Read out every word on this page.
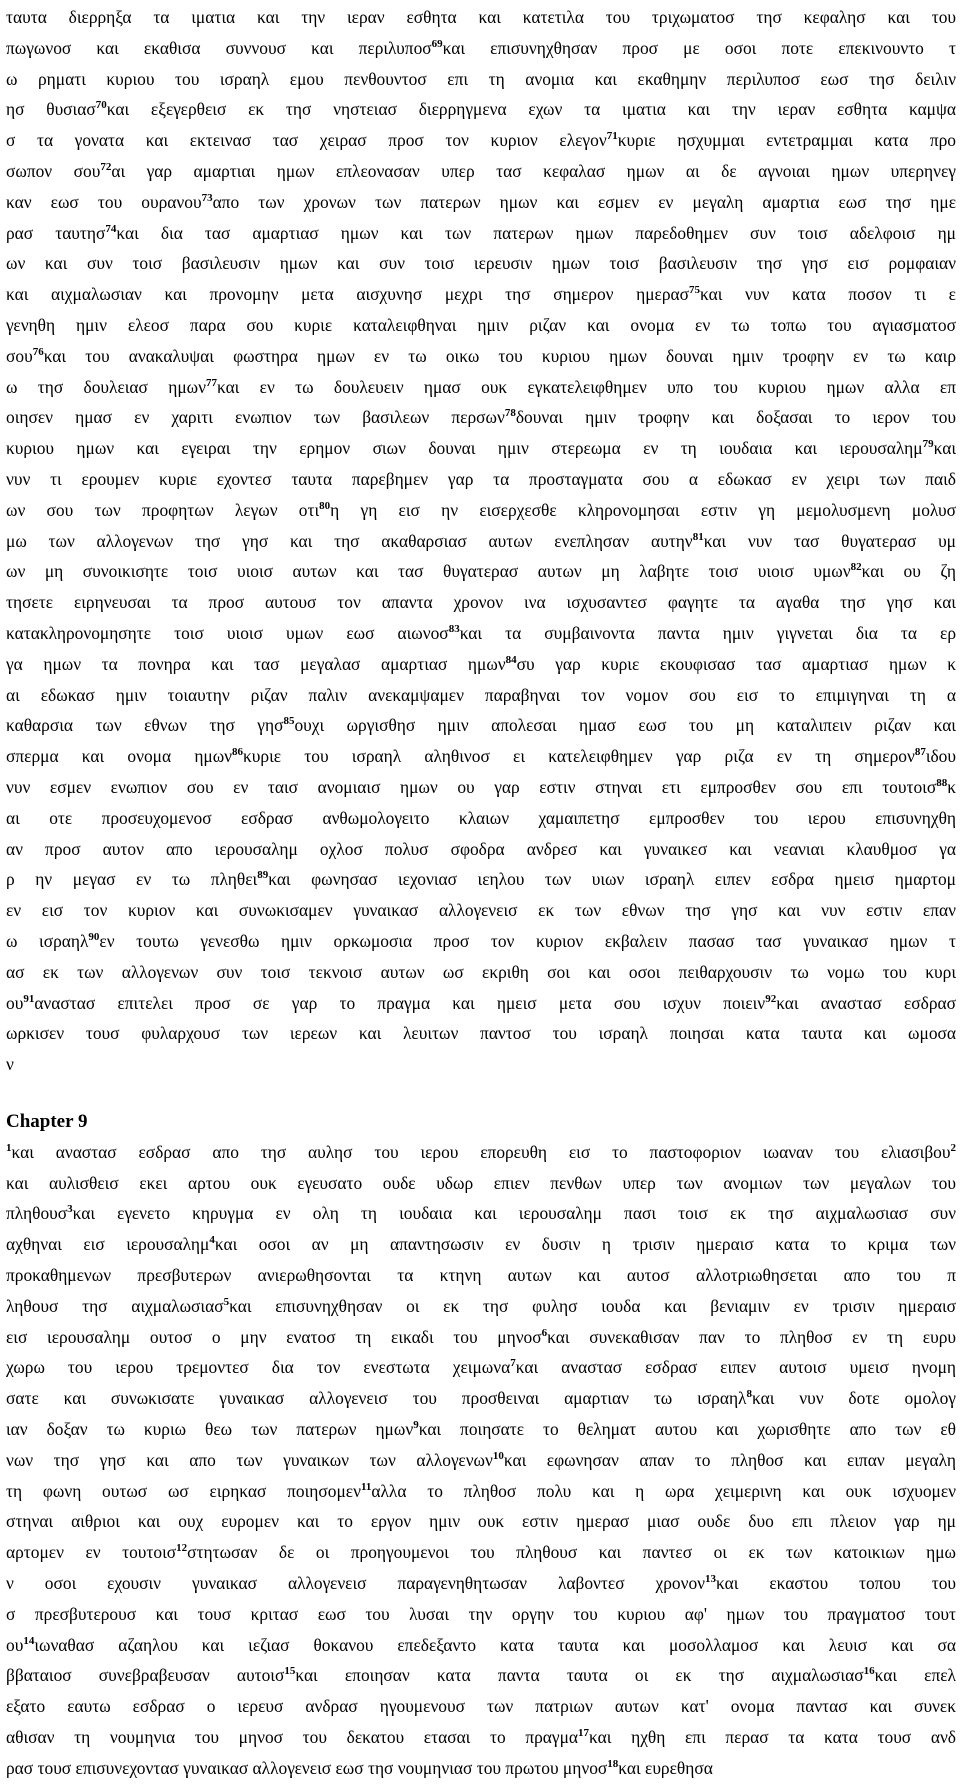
ταυτα διερρηξα τα ιματια και την ιεραν εσθητα και κατετιλα του τριχωματοσ τησ κεφαλησ και του
πωγωνοσ και εκαθισα συννουσ και περιλυποσ$^{69}$και επισυνηχθησαν προσ με οσοι ποτε επεκινουντο τ
ω ρηματι κυριου του ισραηλ εμου πενθουντοσ επι τη ανομια και εκαθημην περιλυποσ εωσ τησ δειλιν
ησ θυσιασ$^{70}$και εξεγερθεισ εκ τησ νηστειασ διερρηγμενα εχων τα ιματια και την ιεραν εσθητα καμψα
σ τα γονατα και εκτεινασ τασ χειρασ προσ τον κυριον ελεγον$^{71}$κυριε ησχυμμαι εντετραμμαι κατα προ
σωπον σου$^{72}$αι γαρ αμαρτιαι ημων επλεονασαν υπερ τασ κεφαλασ ημων αι δε αγνοιαι ημων υπερηνεγ
καν εωσ του ουρανου$^{73}$απο των χρονων των πατερων ημων και εσμεν εν μεγαλη αμαρτια εωσ τησ ημε
ρασ ταυτησ$^{74}$και δια τασ αμαρτιασ ημων και των πατερων ημων παρεδοθημεν συν τοισ αδελφοισ ημ
ων και συν τοισ βασιλευσιν ημων και συν τοισ ιερευσιν ημων τοισ βασιλευσιν τησ γησ εισ ρομφαιαν
και αιχμαλωσιαν και προνομην μετα αισχυνησ μεχρι τησ σημερον ημερασ$^{75}$και νυν κατα ποσον τι ε
γενηθη ημιν ελεοσ παρα σου κυριε καταλειφθηναι ημιν ριζαν και ονομα εν τω τοπω του αγιασματοσ
σου$^{76}$και του ανακαλυψαι φωστηρα ημων εν τω οικω του κυριου ημων δουναι ημιν τροφην εν τω καιρ
ω τησ δουλειασ ημων$^{77}$και εν τω δουλευειν ημασ ουκ εγκατελειφθημεν υπο του κυριου ημων αλλα επ
οιησεν ημασ εν χαριτι ενωπιον των βασιλεων περσων$^{78}$δουναι ημιν τροφην και δοξασαι το ιερον του
κυριου ημων και εγειραι την ερημον σιων δουναι ημιν στερεωμα εν τη ιουδαια και ιερουσαλημ$^{79}$και
νυν τι ερουμεν κυριε εχοντεσ ταυτα παρεβημεν γαρ τα προσταγματα σου α εδωκασ εν χειρι των παιδ
ων σου των προφητων λεγων οτι$^{80}$η γη εισ ην εισερχεσθε κληρονομησαι εστιν γη μεμολυσμενη μολυσ
μω των αλλογενων τησ γησ και τησ ακαθαρσιασ αυτων ενεπλησαν αυτην$^{81}$και νυν τασ θυγατερασ υμ
ων μη συνοικισητε τοισ υιοισ αυτων και τασ θυγατερασ αυτων μη λαβητε τοισ υιοισ υμων$^{82}$και ου ζη
τησετε ειρηνευσαι τα προσ αυτουσ τον απαντα χρονον ινα ισχυσαντεσ φαγητε τα αγαθα τησ γησ και
κατακληρονομησητε τοισ υιοισ υμων εωσ αιωνοσ$^{83}$και τα συμβαινοντα παντα ημιν γιγνεται δια τα ερ
γα ημων τα πονηρα και τασ μεγαλασ αμαρτιασ ημων$^{84}$συ γαρ κυριε εκουφισασ τασ αμαρτιασ ημων κ
αι εδωκασ ημιν τοιαυτην ριζαν παλιν ανεκαμψαμεν παραβηναι τον νομον σου εισ το επιμιγηναι τη α
καθαρσια των εθνων τησ γησ$^{85}$ουχι ωργισθησ ημιν απολεσαι ημασ εωσ του μη καταλιπειν ριζαν και
σπερμα και ονομα ημων$^{86}$κυριε του ισραηλ αληθινοσ ει κατελειφθημεν γαρ ριζα εν τη σημερον$^{87}$ιδου
νυν εσμεν ενωπιον σου εν ταισ ανομιαισ ημων ου γαρ εστιν στηναι ετι εμπροσθεν σου επι τουτοισ$^{88}$κ
αι οτε προσευχομενοσ εσδρασ ανθωμολογειτο κλαιων χαμαιπετησ εμπροσθεν του ιερου επισυνηχθη
αν προσ αυτον απο ιερουσαλημ οχλοσ πολυσ σφοδρα ανδρεσ και γυναικεσ και νεανιαι κλαυθμοσ γα
ρ ην μεγασ εν τω πληθει$^{89}$και φωνησασ ιεχονιασ ιεηλου των υιων ισραηλ ειπεν εσδρα ημεισ ημαρτομ
εν εισ τον κυριον και συνωκισαμεν γυναικασ αλλογενεισ εκ των εθνων τησ γησ και νυν εστιν επαν
ω ισραηλ$^{90}$εν τουτω γενεσθω ημιν ορκωμοσια προσ τον κυριον εκβαλειν πασασ τασ γυναικασ ημων τ
ασ εκ των αλλογενων συν τοισ τεκνοισ αυτων ωσ εκριθη σοι και οσοι πειθαρχουσιν τω νομω του κυρι
$o\upsilon^{91}\alpha\nu\alpha\sigma\tau\alpha\sigma$ επιτελει προσ σε γαρ το πραγμα και ημεισ μετα σου ισχυν ποιειν$^{92}$και αναστασ εσδρασ
ωρκισεν τουσ φυλαρχουσ των ιερεων και λευιτων παντοσ του ισραηλ ποιησαι κατα ταυτα και ωμοσα
ν
Chapter 9
$^1$και αναστασ εσδρασ απο τησ αυλησ του ιερου επορευθη εισ το παστοφοριον ιωαναν του ελιασιβου$^2$
και αυλισθεισ εκει αρτου ουκ εγευσατο ουδε υδωρ επιεν πενθων υπερ των ανομιων των μεγαλων του
πληθουσ$^3$και εγενετο κηρυγμα εν ολη τη ιουδαια και ιερουσαλημ πασι τοισ εκ τησ αιχμαλωσιασ συν
αχθηναι εισ ιερουσαλημ$^4$και οσοι αν μη απαντησωσιν εν δυσιν η τρισιν ημεραισ κατα το κριμα των
προκαθημενων πρεσβυτερων ανιερωθησονται τα κτηνη αυτων και αυτοσ αλλοτριωθησεται απο του π
ληθουσ τησ αιχμαλωσιασ$^5$και επισυνηχθησαν οι εκ τησ φυλησ ιουδα και βενιαμιν εν τρισιν ημεραισ
εισ ιερουσαλημ ουτοσ ο μην ενατοσ τη εικαδι του μηνοσ$^6$και συνεκαθισαν παν το πληθοσ εν τη ευρυ
χωρω του ιερου τρεμοντεσ δια τον ενεστωτα χειμωνα$^7$και αναστασ εσδρασ ειπεν αυτοισ υμεισ ηνομη
σατε και συνωκισατε γυναικασ αλλογενεισ του προσθειναι αμαρτιαν τω ισραηλ$^8$και νυν δοτε ομολογ
ιαν δοξαν τω κυριω θεω των πατερων ημων$^9$και ποιησατε το θεληματ αυτου και χωρισθητε απο των εθ
νων τησ γησ και απο των γυναικων των αλλογενων$^{10}$και εφωνησαν απαν το πληθοσ και ειπαν μεγαλη
τη φωνη ουτωσ ωσ ειρηκασ ποιησομεν$^{11}$αλλα το πληθοσ πολυ και η ωρα χειμερινη και ουκ ισχυομεν
στηναι αιθριοι και ουχ ευρομεν και το εργον ημιν ουκ εστιν ημερασ μιασ ουδε δυο επι πλειον γαρ ημ
αρτομεν εν τουτοισ$^{12}$στητωσαν δε οι προηγουμενοι του πληθουσ και παντεσ οι εκ των κατοικιων ημω
ν οσοι εχουσιν γυναικασ αλλογενεισ παραγενηθητωσαν λαβοντεσ χρονον$^{13}$και εκαστου τοπου του
σ πρεσβυτερουσ και τουσ κριτασ εωσ του λυσαι την οργην του κυριου αφ' ημων του πραγματοσ τουτ
$o\upsilon^{14}\iota\omega\nu\alpha\theta\alpha\sigma$ αζαηλου και ιεζιασ θοκανου επεδεξαντο κατα ταυτα και μοσολλαμοσ και λευισ και σα
ββαταιοσ συνεβραβευσαν αυτοισ$^{15}$και εποιησαν κατα παντα ταυτα οι εκ τησ αιχμαλωσιασ$^{16}$και επελ
εξατο εαυτω εσδρασ ο ιερευσ ανδρασ ηγουμενουσ των πατριων αυτων κατ' ονομα παντασ και συνεκ
αθισαν τη νουμηνια του μηνοσ του δεκατου ετασαι το πραγμα$^{17}$και ηχθη επι περασ τα κατα τουσ ανδ
ρασ τουσ επισυνεχοντασ γυναικασ αλλογενεισ εωσ τησ νουμηνιασ του πρωτου μηνοσ$^{18}$και ευρεθησα
